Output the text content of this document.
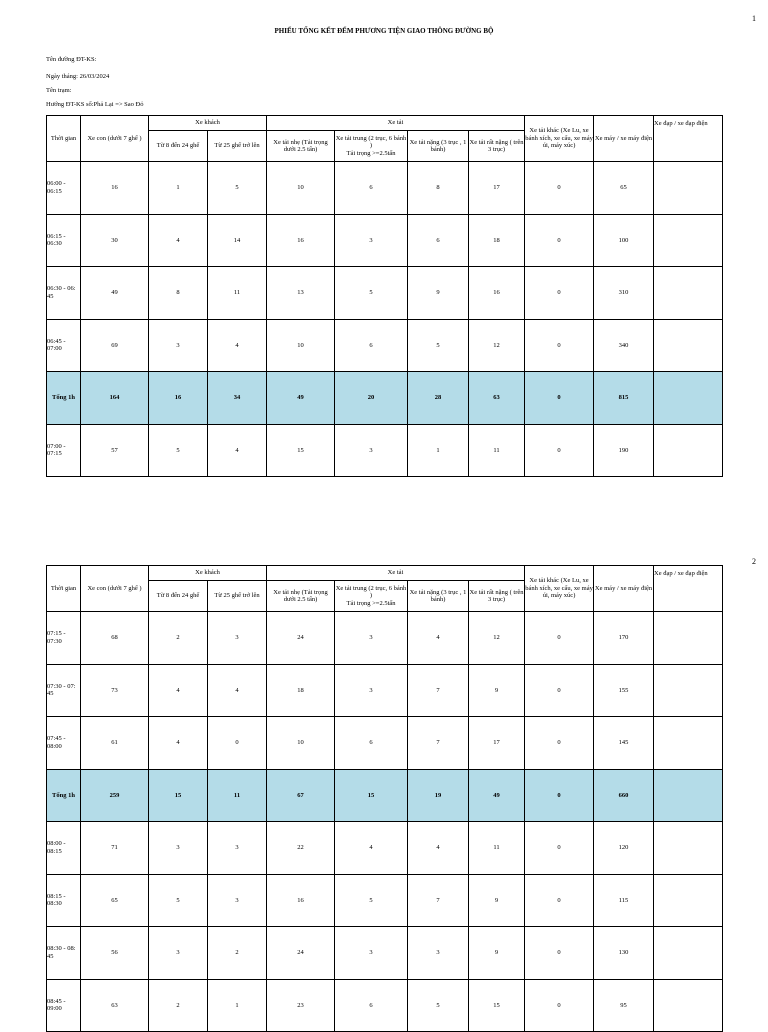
1
PHIẾU TỔNG KẾT ĐẾM PHƯƠNG TIỆN GIAO THÔNG ĐƯỜNG BỘ
Tên đường ĐT-KS:
Ngày tháng: 26/03/2024
Tên trạm:
Hướng ĐT-KS số:Phả Lại => Sao Đỏ
Thời gian	Xe con (dưới 7 ghế )	Xe khách		Xe tải				Xe tải khác (Xe Lu, xe bánh xích, xe cẩu, xe máy úi, máy xúc)	Xe máy / xe máy điện	Xe đạp / xe đạp điện
		Từ 8 đến 24 ghế	Từ 25 ghế trở lên	Xe tải nhẹ (Tải trọng dưới 2.5 tấn)	Xe tải trung (2 trục, 6 bánh )
Tải trọng >=2.5tấn	Xe tải nặng (3 trục , 1 bánh)	Xe tải rất nặng ( trên 3 trục)			
06:00 - 06:15	16	1	5	10	6	8	17	0	65	
06:15 - 06:30	30	4	14	16	3	6	18	0	100	
06:30 - 06: 45	49	8	11	13	5	9	16	0	310	
06:45 - 07:00	69	3	4	10	6	5	12	0	340	
Tổng 1h	164	16	34	49	20	28	63	0	815	
07:00 - 07:15	57	5	4	15	3	1	11	0	190	
2
Thời gian	Xe con (dưới 7 ghế )	Xe khách		Xe tải				Xe tải khác (Xe Lu, xe bánh xích, xe cẩu, xe máy úi, máy xúc)	Xe máy / xe máy điện	Xe đạp / xe đạp điện
		Từ 8 đến 24 ghế	Từ 25 ghế trở lên	Xe tải nhẹ (Tải trọng dưới 2.5 tấn)	Xe tải trung (2 trục, 6 bánh )
Tải trọng >=2.5tấn	Xe tải nặng (3 trục , 1 bánh)	Xe tải rất nặng ( trên 3 trục)			
07:15 - 07:30	68	2	3	24	3	4	12	0	170	
07:30 - 07: 45	73	4	4	18	3	7	9	0	155	
07:45 - 08:00	61	4	0	10	6	7	17	0	145	
Tổng 1h	259	15	11	67	15	19	49	0	660	
08:00 - 08:15	71	3	3	22	4	4	11	0	120	
08:15 - 08:30	65	5	3	16	5	7	9	0	115	
08:30 - 08: 45	56	3	2	24	3	3	9	0	130	
08:45 - 09:00	63	2	1	23	6	5	15	0	95	
